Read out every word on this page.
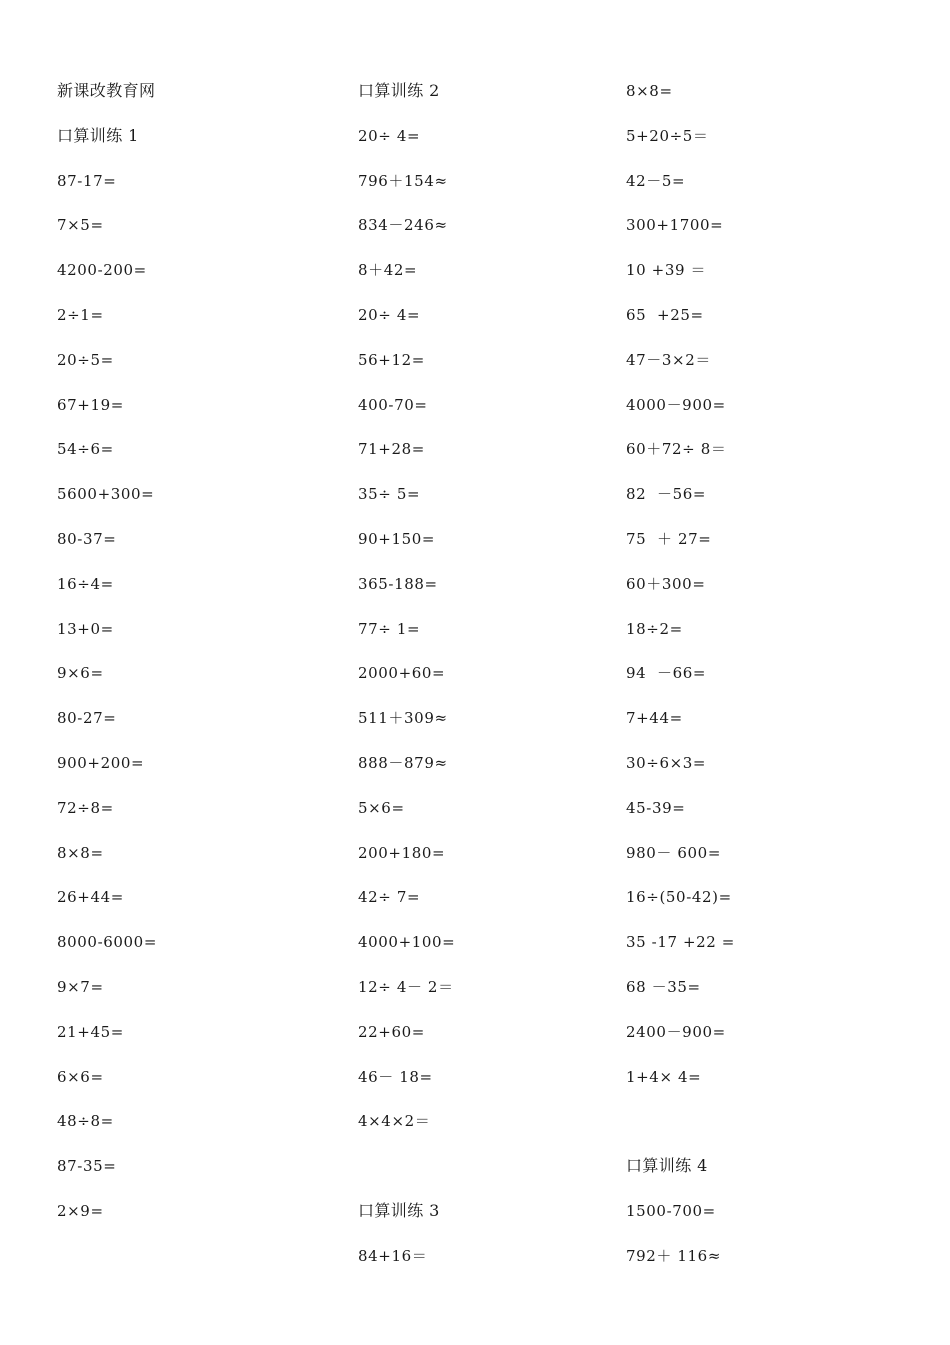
新课改教育网
口算训练 1
87-17=
7×5=
4200-200=
2÷1=
20÷5=
67+19=
54÷6=
5600+300=
80-37=
16÷4=
13+0=
9×6=
80-27=
900+200=
72÷8=
8×8=
26+44=
8000-6000=
9×7=
21+45=
6×6=
48÷8=
87-35=
2×9=
口算训练 2
20÷ 4=
796＋154≈
834－246≈
8＋42=
20÷ 4=
56+12=
400-70=
71+28=
35÷ 5=
90+150=
365-188=
77÷ 1=
2000+60=
511＋309≈
888－879≈
5×6=
200+180=
42÷ 7=
4000+100=
12÷ 4－ 2＝
22+60=
46－ 18=
4×4×2＝
口算训练 3
84+16＝
8×8=
5+20÷5＝
42－5=
300+1700=
10 +39 ＝
65  +25=
47－3×2＝
4000－900=
60＋72÷ 8＝
82  －56=
75  ＋ 27=
60＋300=
18÷2=
94  －66=
7+44=
30÷6×3=
45-39=
980－ 600=
16÷(50-42)=
35 -17 +22 =
68 －35=
2400－900=
1+4× 4=
口算训练 4
1500-700=
792＋ 116≈
